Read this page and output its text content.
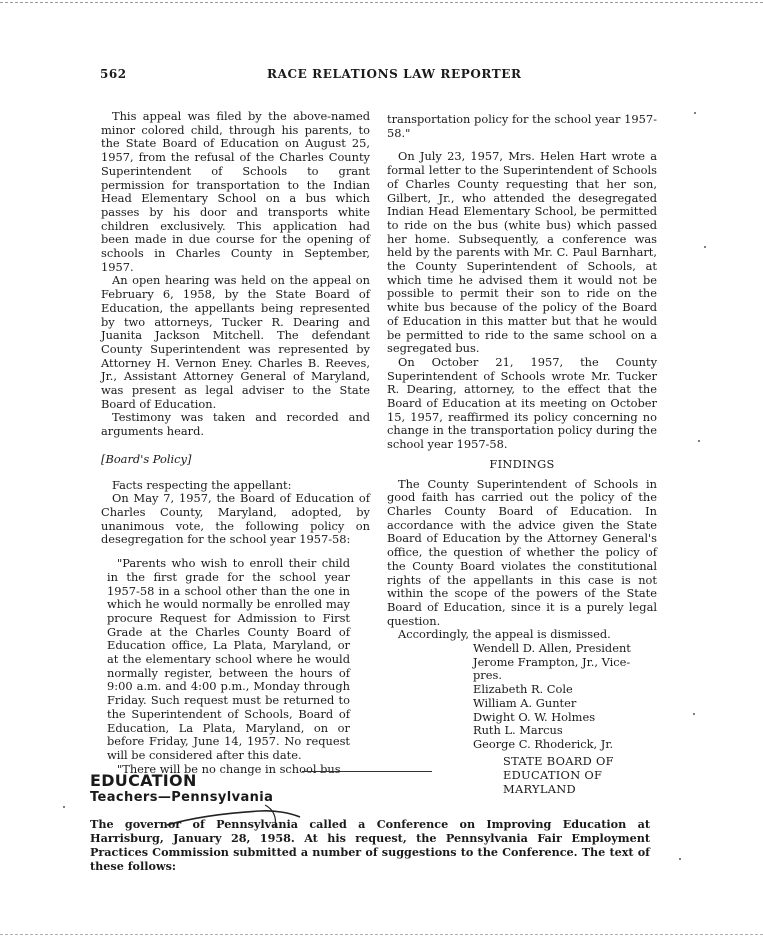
562	RACE RELATIONS LAW REPORTER

This appeal was filed by the above-named minor colored child, through his parents, to the State Board of Education on August 25, 1957, from the refusal of the Charles County Superintendent of Schools to grant permission for transportation to the Indian Head Elementary School on a bus which passes by his door and transports white children exclusively. This application had been made in due course for the opening of schools in Charles County in September, 1957.

An open hearing was held on the appeal on February 6, 1958, by the State Board of Education, the appellants being represented by two attorneys, Tucker R. Dearing and Juanita Jackson Mitchell. The defendant County Superintendent was represented by Attorney H. Vernon Eney. Charles B. Reeves, Jr., Assistant Attorney General of Maryland, was present as legal adviser to the State Board of Education.

Testimony was taken and recorded and arguments heard.

[Board's Policy]

Facts respecting the appellant:

On May 7, 1957, the Board of Education of Charles County, Maryland, adopted, by unanimous vote, the following policy on desegregation for the school year 1957-58:

"Parents who wish to enroll their child in the first grade for the school year 1957-58 in a school other than the one in which he would normally be enrolled may procure Request for Admission to First Grade at the Charles County Board of Education office, La Plata, Maryland, or at the elementary school where he would normally register, between the hours of 9:00 a.m. and 4:00 p.m., Monday through Friday. Such request must be returned to the Superintendent of Schools, Board of Education, La Plata, Maryland, on or before Friday, June 14, 1957. No request will be considered after this date.

"There will be no change in school bus

transportation policy for the school year 1957-58."

On July 23, 1957, Mrs. Helen Hart wrote a formal letter to the Superintendent of Schools of Charles County requesting that her son, Gilbert, Jr., who attended the desegregated Indian Head Elementary School, be permitted to ride on the bus (white bus) which passed her home. Subsequently, a conference was held by the parents with Mr. C. Paul Barnhart, the County Superintendent of Schools, at which time he advised them it would not be possible to permit their son to ride on the white bus because of the policy of the Board of Education in this matter but that he would be permitted to ride to the same school on a segregated bus.

On October 21, 1957, the County Superintendent of Schools wrote Mr. Tucker R. Dearing, attorney, to the effect that the Board of Education at its meeting on October 15, 1957, reaffirmed its policy concerning no change in the transportation policy during the school year 1957-58.

FINDINGS

The County Superintendent of Schools in good faith has carried out the policy of the Charles County Board of Education. In accordance with the advice given the State Board of Education by the Attorney General's office, the question of whether the policy of the County Board violates the constitutional rights of the appellants in this case is not within the scope of the powers of the State Board of Education, since it is a purely legal question.

Accordingly, the appeal is dismissed.

Wendell D. Allen, President
Jerome Frampton, Jr., Vice-pres.
Elizabeth R. Cole
William A. Gunter
Dwight O. W. Holmes
Ruth L. Marcus
George C. Rhoderick, Jr.
STATE BOARD OF
EDUCATION OF
MARYLAND
EDUCATION
Teachers—Pennsylvania

The governor of Pennsylvania called a Conference on Improving Education at Harrisburg, January 28, 1958. At his request, the Pennsylvania Fair Employment Practices Commission submitted a number of suggestions to the Conference. The text of these follows:
